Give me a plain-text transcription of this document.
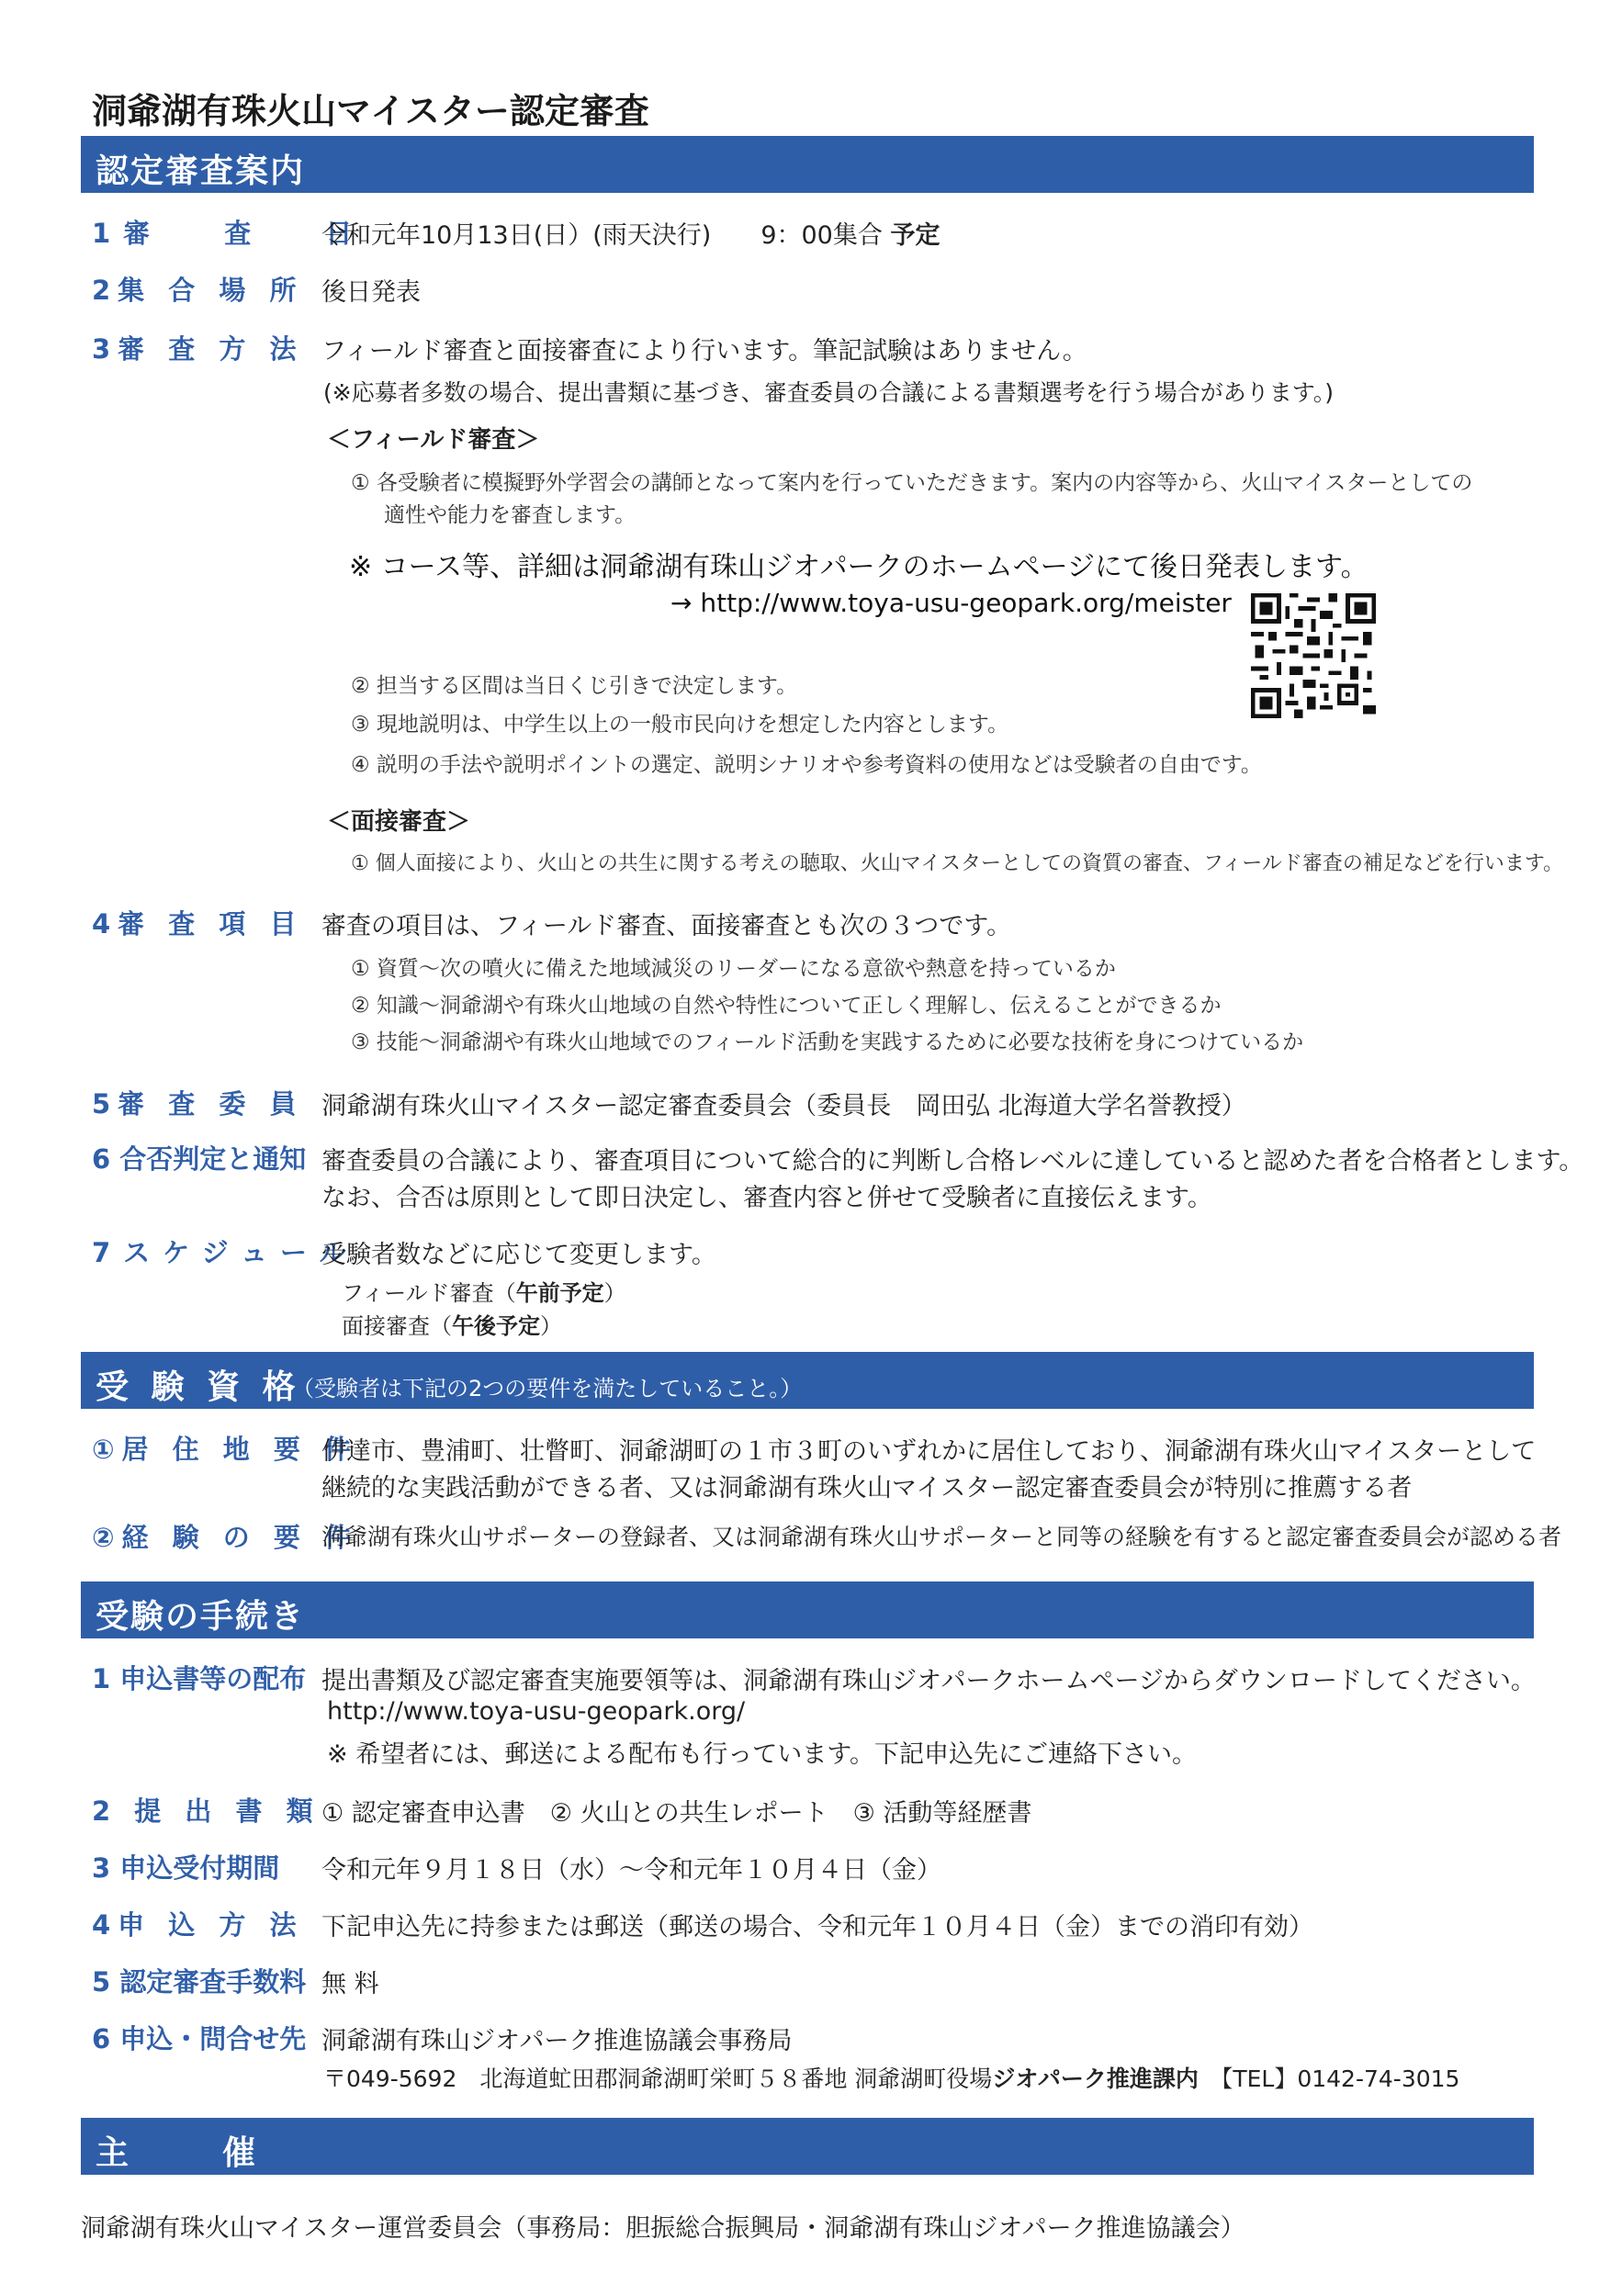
洞爺湖有珠火山マイスター認定審査
認定審査案内
1審　 査　 日
令和元年10月13日(日）(雨天決行)　　9：00集合 予定
2集 合 場 所 後日発表
3審 査 方 法 フィールド審査と面接審査により行います。筆記試験はありません。
(※応募者多数の場合、提出書類に基づき、審査委員の合議による書類選考を行う場合があります。)
＜フィールド審査＞
① 各受験者に模擬野外学習会の講師となって案内を行っていただきます。案内の内容等から、火山マイスターとしての
適性や能力を審査します。
※ コース等、詳細は洞爺湖有珠山ジオパークのホームページにて後日発表します。
→ http://www.toya-usu-geopark.org/meister
② 担当する区間は当日くじ引きで決定します。
③ 現地説明は、中学生以上の一般市民向けを想定した内容とします。
④ 説明の手法や説明ポイントの選定、説明シナリオや参考資料の使用などは受験者の自由です。
＜面接審査＞
① 個人面接により、火山との共生に関する考えの聴取、火山マイスターとしての資質の審査、フィールド審査の補足などを行います。
4審 査 項 目 審査の項目は、フィールド審査、面接審査とも次の３つです。
① 資質～次の噴火に備えた地域減災のリーダーになる意欲や熱意を持っているか
② 知識～洞爺湖や有珠火山地域の自然や特性について正しく理解し、伝えることができるか
③ 技能～洞爺湖や有珠火山地域でのフィールド活動を実践するために必要な技術を身につけているか
5審 査 委 員 洞爺湖有珠火山マイスター認定審査委員会（委員長　岡田弘 北海道大学名誉教授）
6 合否判定と通知 審査委員の合議により、審査項目について総合的に判断し合格レベルに達していると認めた者を合格者とします。
なお、合否は原則として即日決定し、審査内容と併せて受験者に直接伝えます。
7スケジュール
受験者数などに応じて変更します。
フィールド審査（午前予定）
面接審査（午後予定）
受 験 資 格
（受験者は下記の2つの要件を満たしていること。）
①居 住 地 要 件
伊達市、豊浦町、壮瞥町、洞爺湖町の１市３町のいずれかに居住しており、洞爺湖有珠火山マイスターとして
継続的な実践活動ができる者、又は洞爺湖有珠火山マイスター認定審査委員会が特別に推薦する者
②経 験 の 要 件
洞爺湖有珠火山サポーターの登録者、又は洞爺湖有珠火山サポーターと同等の経験を有すると認定審査委員会が認める者
受験の手続き
1 申込書等の配布 提出書類及び認定審査実施要領等は、洞爺湖有珠山ジオパークホームページからダウンロードしてください。
http://www.toya-usu-geopark.org/
※ 希望者には、郵送による配布も行っています。下記申込先にご連絡下さい。
2 提 出 書 類 ① 認定審査申込書　② 火山との共生レポート　③ 活動等経歴書
3 申込受付期間 令和元年９月１８日（水）～令和元年１０月４日（金）
4申 込 方 法 下記申込先に持参または郵送（郵送の場合、令和元年１０月４日（金）までの消印有効）
5 認定審査手数料 無 料
6 申込・問合せ先 洞爺湖有珠山ジオパーク推進協議会事務局
〒049-5692　北海道虻田郡洞爺湖町栄町５８番地 洞爺湖町役場ジオパーク推進課内　 【TEL】0142-74-3015
主　　催
洞爺湖有珠火山マイスター運営委員会（事務局：胆振総合振興局・洞爺湖有珠山ジオパーク推進協議会）
